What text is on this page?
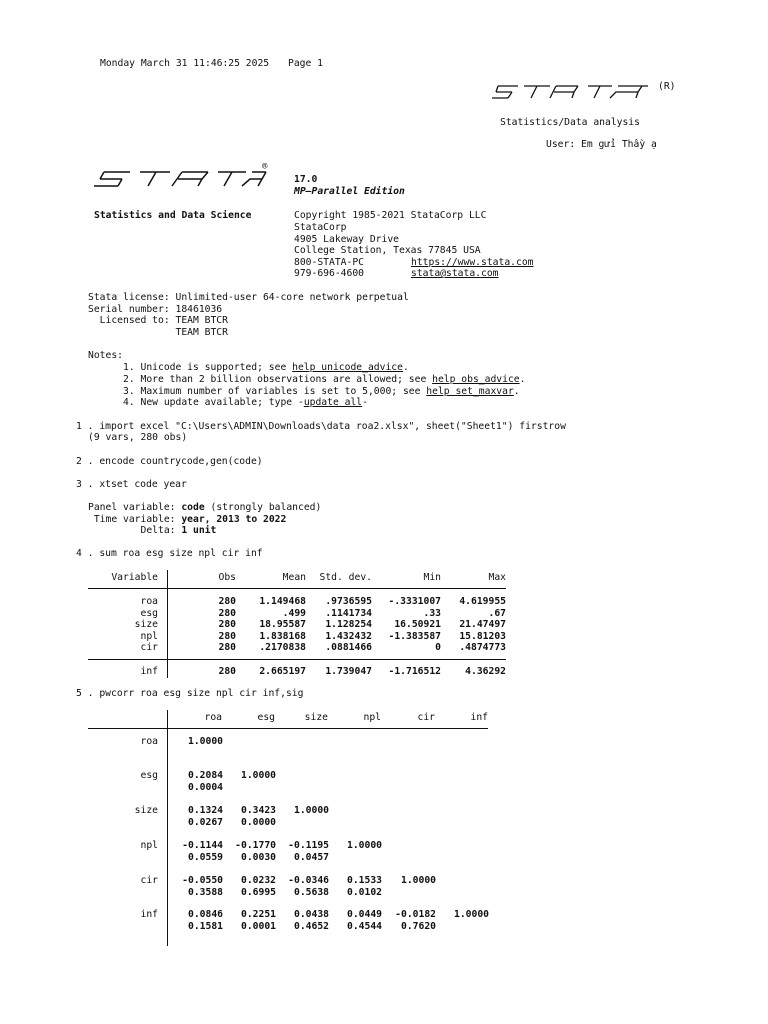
Monday March 31 11:46:25 2025 Page 1
(R)
Statistics/Data analysis
User: Em gửi Thầy ạ
®
17.0
MP—Parallel Edition
Statistics and Data Science	Copyright 1985-2021 StataCorp LLC
StataCorp
4905 Lakeway Drive
College Station, Texas 77845 USA
800-STATA-PC	https://www.stata.com
979-696-4600	stata@stata.com
Stata license: Unlimited-user 64-core network perpetual
Serial number: 18461036
Licensed to: TEAM BTCR
TEAM BTCR
Notes:
1. Unicode is supported; see help unicode_advice.
2. More than 2 billion observations are allowed; see help obs_advice.
3. Maximum number of variables is set to 5,000; see help set_maxvar.
4. New update available; type -update all-
1 . import excel "C:\Users\ADMIN\Downloads\data roa2.xlsx", sheet("Sheet1") firstrow
(9 vars, 280 obs)
2 . encode countrycode,gen(code)
3 . xtset code year
Panel variable: code (strongly balanced)
Time variable: year, 2013 to 2022
Delta: 1 unit
4 . sum roa esg size npl cir inf
Variable	Obs	Mean Std. dev.	Min	Max
roa	280 1.149468 .9736595 -.3331007 4.619955
esg	280	.499 .1141734	.33	.67
size	280 18.95587 1.128254 16.50921 21.47497
npl	280 1.838168 1.432432 -1.383587 15.81203
cir	280 .2170838 .0881466	0 .4874773
inf	280 2.665197 1.739047 -1.716512 4.36292
5 . pwcorr roa esg size npl cir inf,sig
roa	esg	size	npl	cir	inf
roa	1.0000
esg	0.2084 1.0000
0.0004
size	0.1324 0.3423 1.0000
0.0267 0.0000
npl -0.1144 -0.1770 -0.1195 1.0000
0.0559 0.0030 0.0457
cir -0.0550 0.0232 -0.0346 0.1533 1.0000
0.3588 0.6995 0.5638 0.0102
inf	0.0846 0.2251 0.0438 0.0449 -0.0182 1.0000
0.1581 0.0001 0.4652 0.4544 0.7620
